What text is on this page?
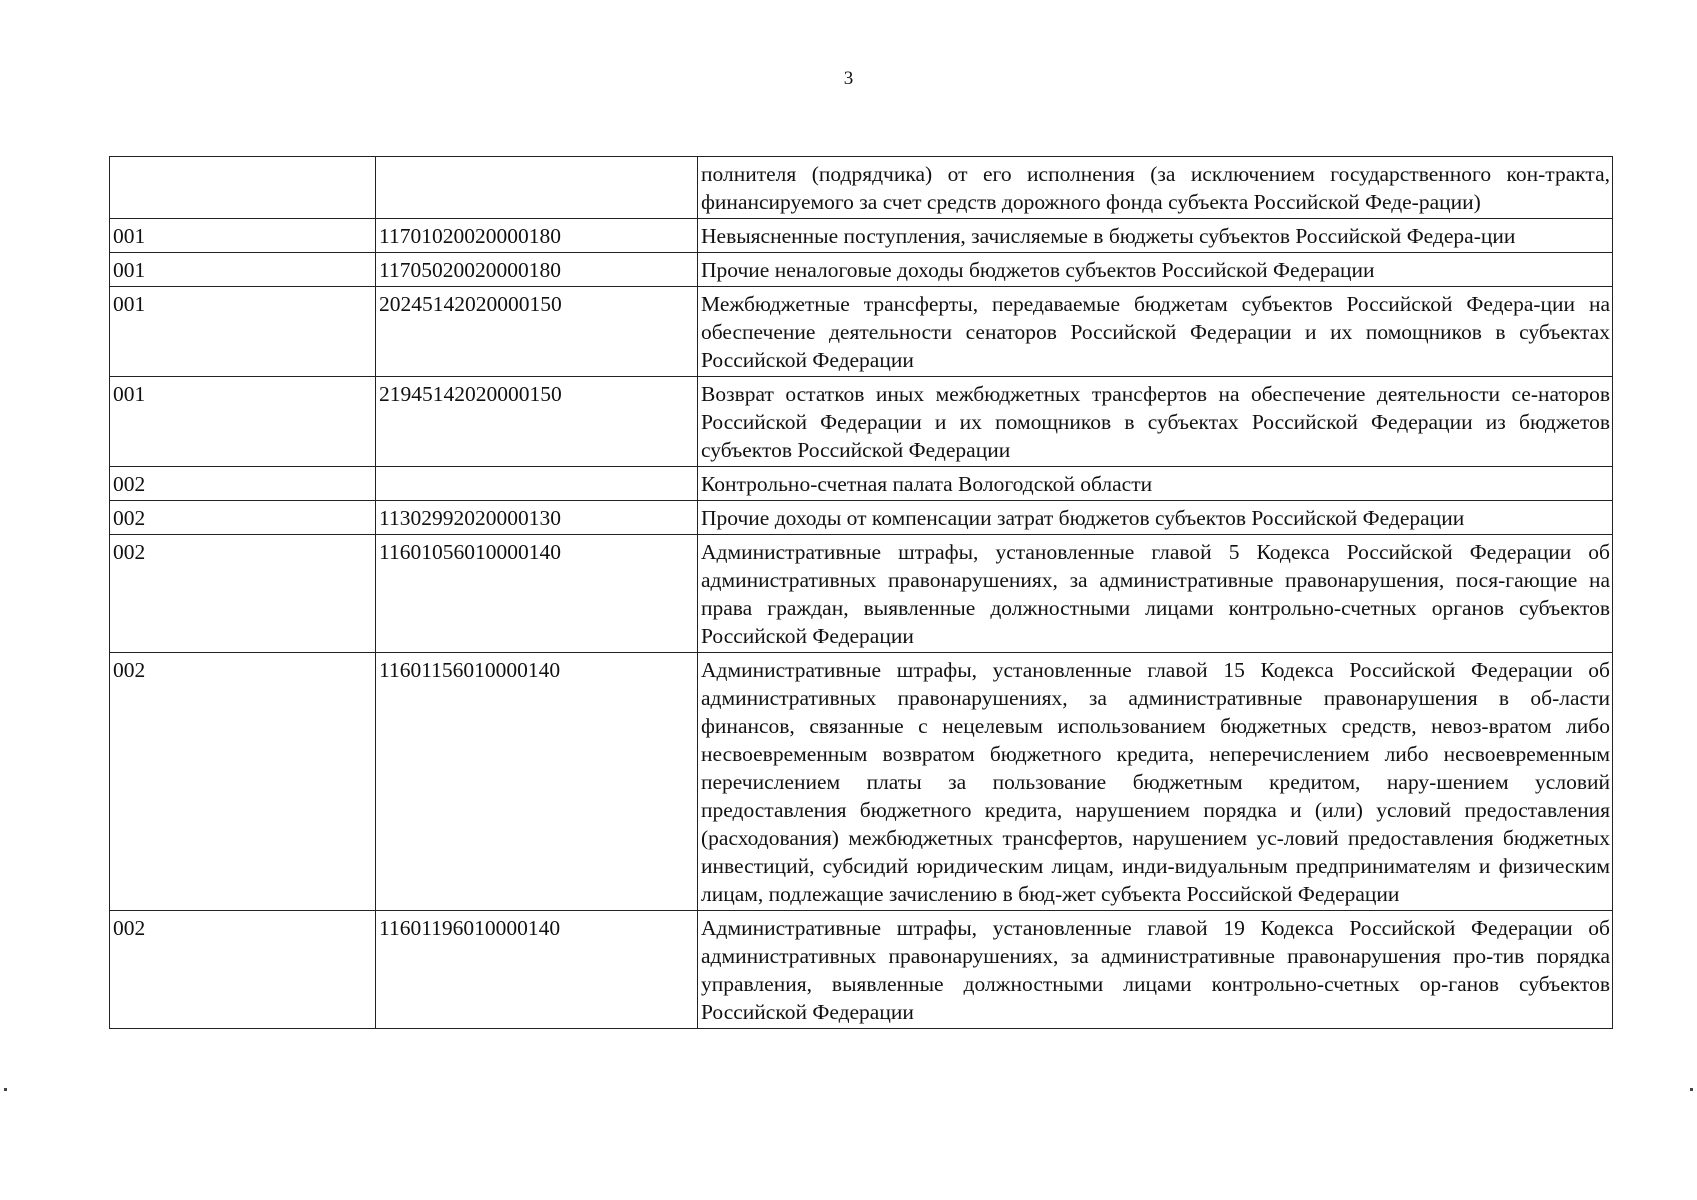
3
		полнителя (подрядчика) от его исполнения (за исключением государственного кон-тракта, финансируемого за счет средств дорожного фонда субъекта Российской Феде-рации)
001	11701020020000180	Невыясненные поступления, зачисляемые в бюджеты субъектов Российской Федера-ции
001	11705020020000180	Прочие неналоговые доходы бюджетов субъектов Российской Федерации
001	20245142020000150	Межбюджетные трансферты, передаваемые бюджетам субъектов Российской Федера-ции на обеспечение деятельности сенаторов Российской Федерации и их помощников в субъектах Российской Федерации
001	21945142020000150	Возврат остатков иных межбюджетных трансфертов на обеспечение деятельности се-наторов Российской Федерации и их помощников в субъектах Российской Федерации из бюджетов субъектов Российской Федерации
002		Контрольно-счетная палата Вологодской области
002	11302992020000130	Прочие доходы от компенсации затрат бюджетов субъектов Российской Федерации
002	11601056010000140	Административные штрафы, установленные главой 5 Кодекса Российской Федерации об административных правонарушениях, за административные правонарушения, пося-гающие на права граждан, выявленные должностными лицами контрольно-счетных органов субъектов Российской Федерации
002	11601156010000140	Административные штрафы, установленные главой 15 Кодекса Российской Федерации об административных правонарушениях, за административные правонарушения в об-ласти финансов, связанные с нецелевым использованием бюджетных средств, невоз-вратом либо несвоевременным возвратом бюджетного кредита, неперечислением либо несвоевременным перечислением платы за пользование бюджетным кредитом, нару-шением условий предоставления бюджетного кредита, нарушением порядка и (или) условий предоставления (расходования) межбюджетных трансфертов, нарушением ус-ловий предоставления бюджетных инвестиций, субсидий юридическим лицам, инди-видуальным предпринимателям и физическим лицам, подлежащие зачислению в бюд-жет субъекта Российской Федерации
002	11601196010000140	Административные штрафы, установленные главой 19 Кодекса Российской Федерации об административных правонарушениях, за административные правонарушения про-тив порядка управления, выявленные должностными лицами контрольно-счетных ор-ганов субъектов Российской Федерации
